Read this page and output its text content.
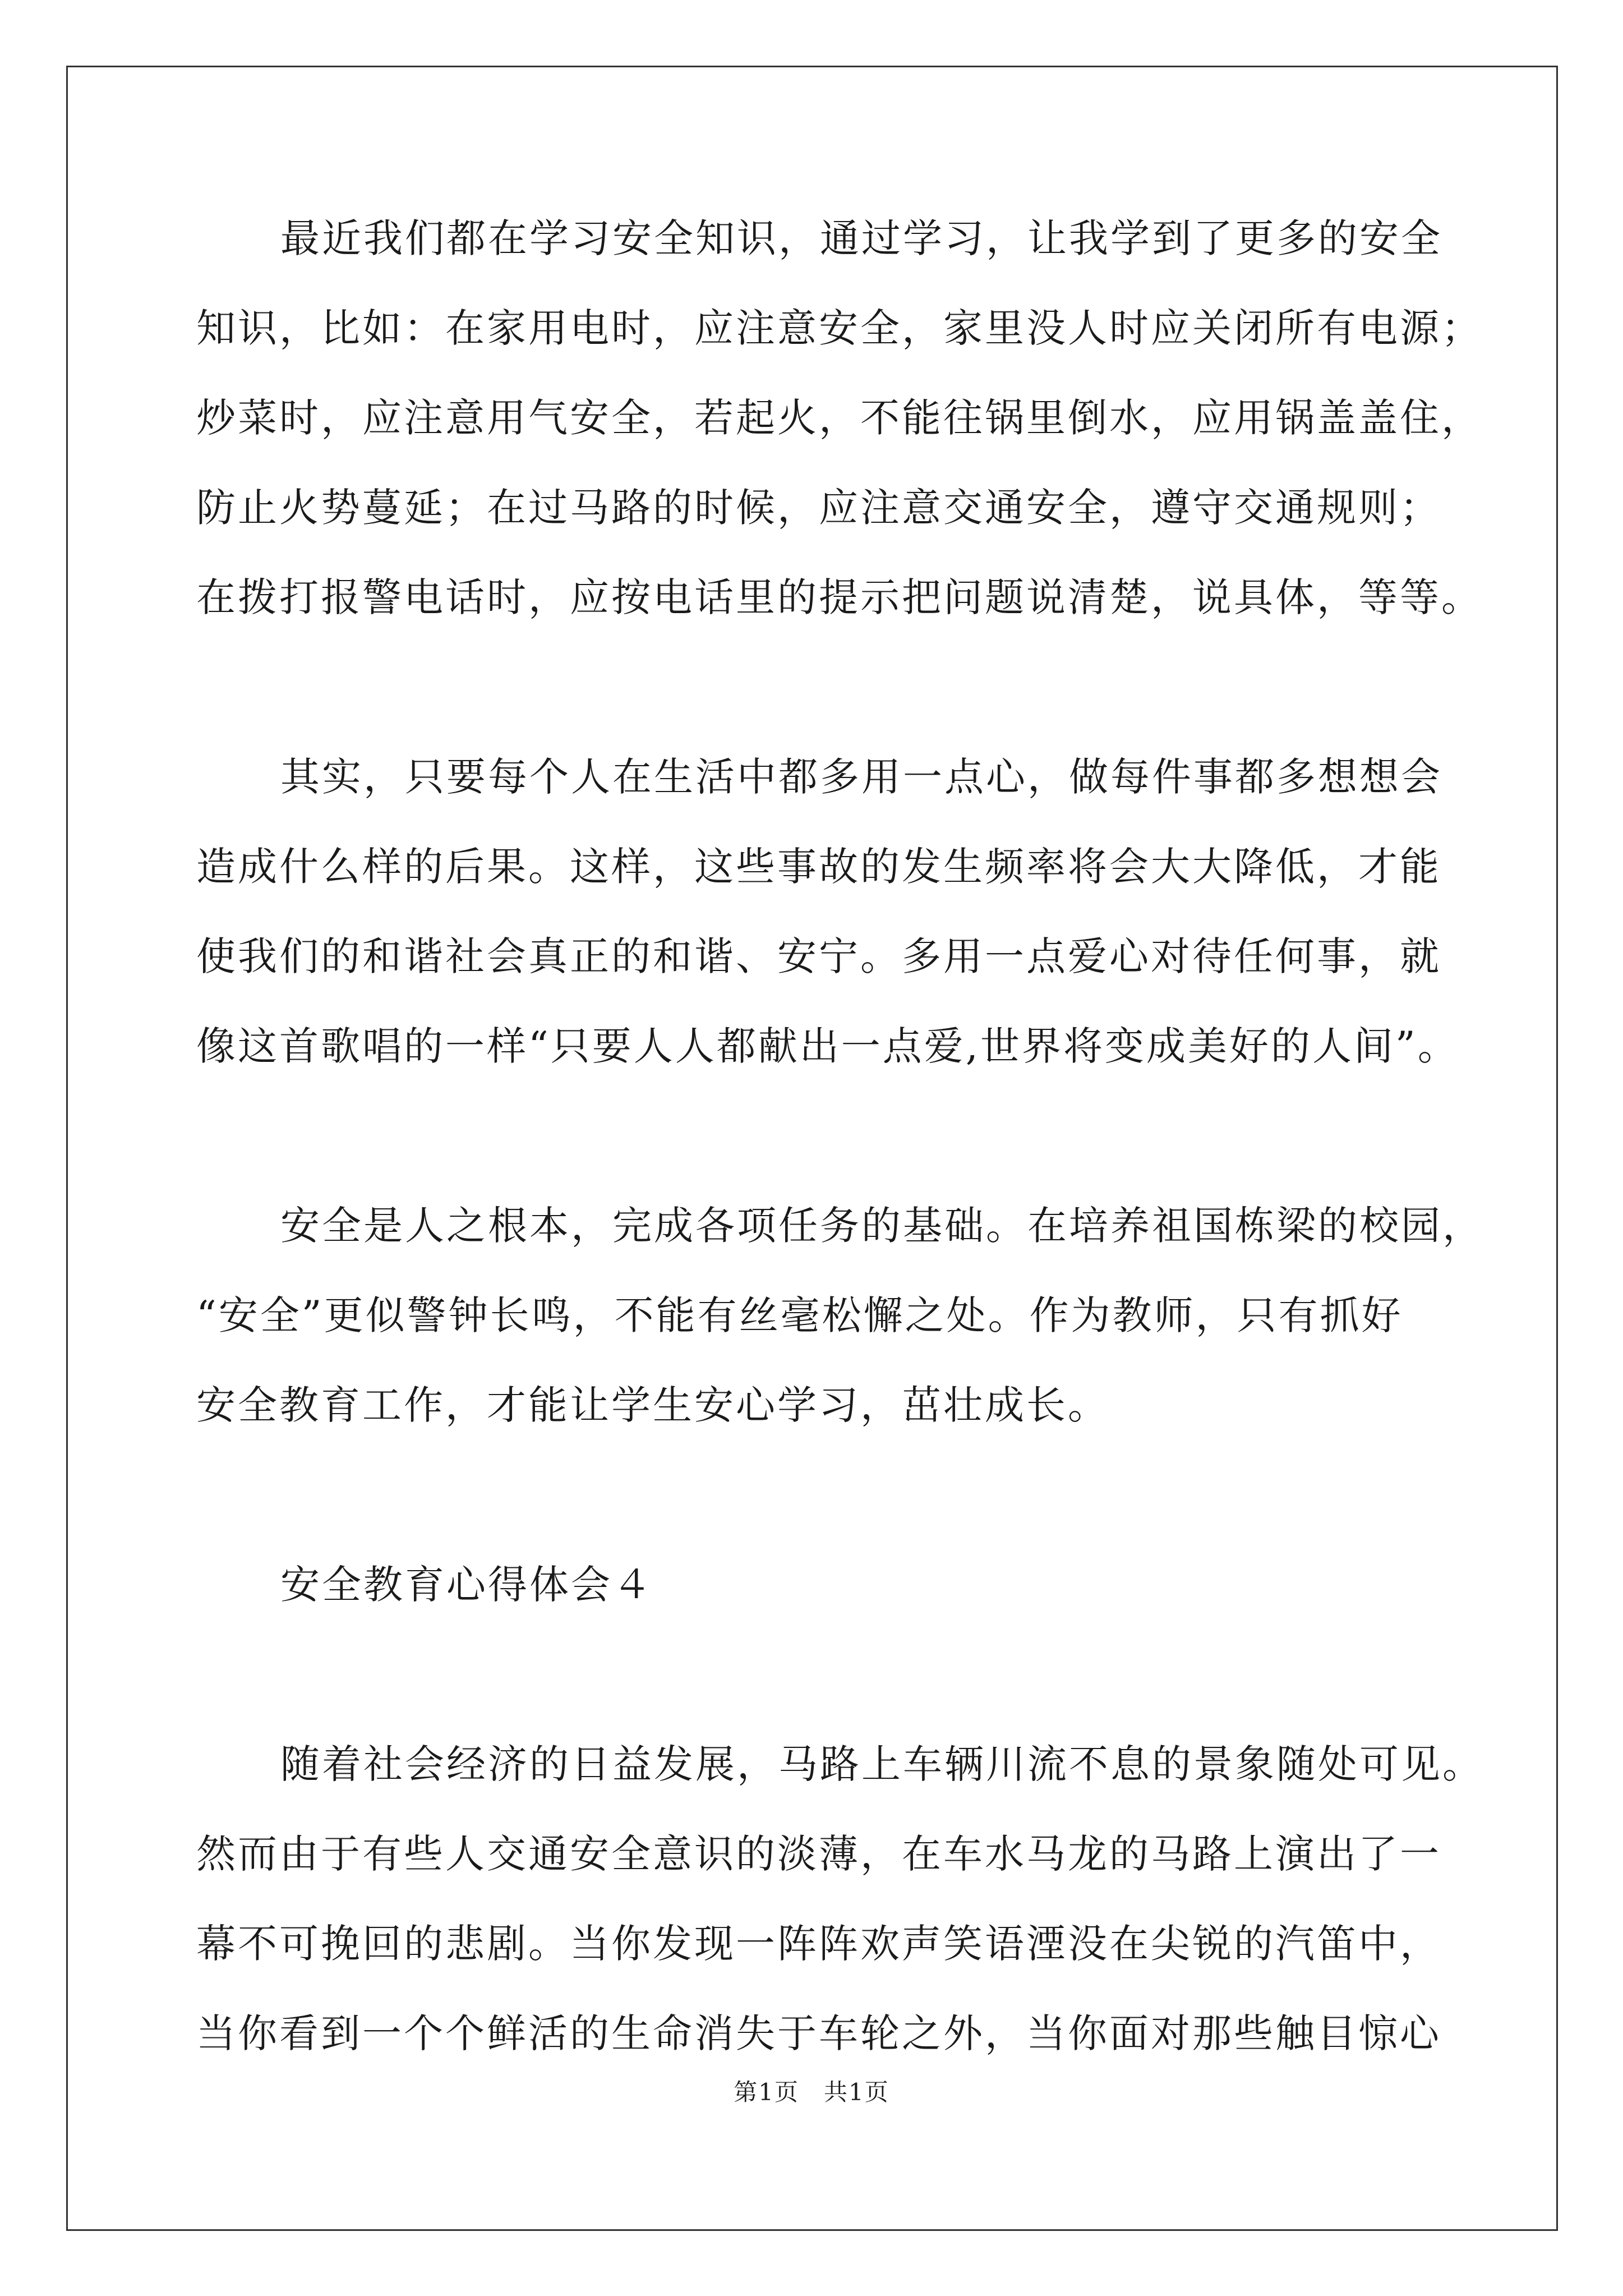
最近我们都在学习安全知识，通过学习，让我学到了更多的安全
知识，比如：在家用电时，应注意安全，家里没人时应关闭所有电源；
炒菜时，应注意用气安全，若起火，不能往锅里倒水，应用锅盖盖住，
防止火势蔓延；在过马路的时候，应注意交通安全，遵守交通规则；
在拨打报警电话时，应按电话里的提示把问题说清楚，说具体，等等。
其实，只要每个人在生活中都多用一点心，做每件事都多想想会
造成什么样的后果。这样，这些事故的发生频率将会大大降低，才能
使我们的和谐社会真正的和谐、安宁。多用一点爱心对待任何事，就
像这首歌唱的一样“只要人人都献出一点爱,世界将变成美好的人间”。
安全是人之根本，完成各项任务的基础。在培养祖国栋梁的校园，
“安全”更似警钟长鸣，不能有丝毫松懈之处。作为教师，只有抓好
安全教育工作，才能让学生安心学习，茁壮成长。
安全教育心得体会４
随着社会经济的日益发展，马路上车辆川流不息的景象随处可见。
然而由于有些人交通安全意识的淡薄，在车水马龙的马路上演出了一
幕不可挽回的悲剧。当你发现一阵阵欢声笑语湮没在尖锐的汽笛中，
当你看到一个个鲜活的生命消失于车轮之外，当你面对那些触目惊心
第1页　共1页
